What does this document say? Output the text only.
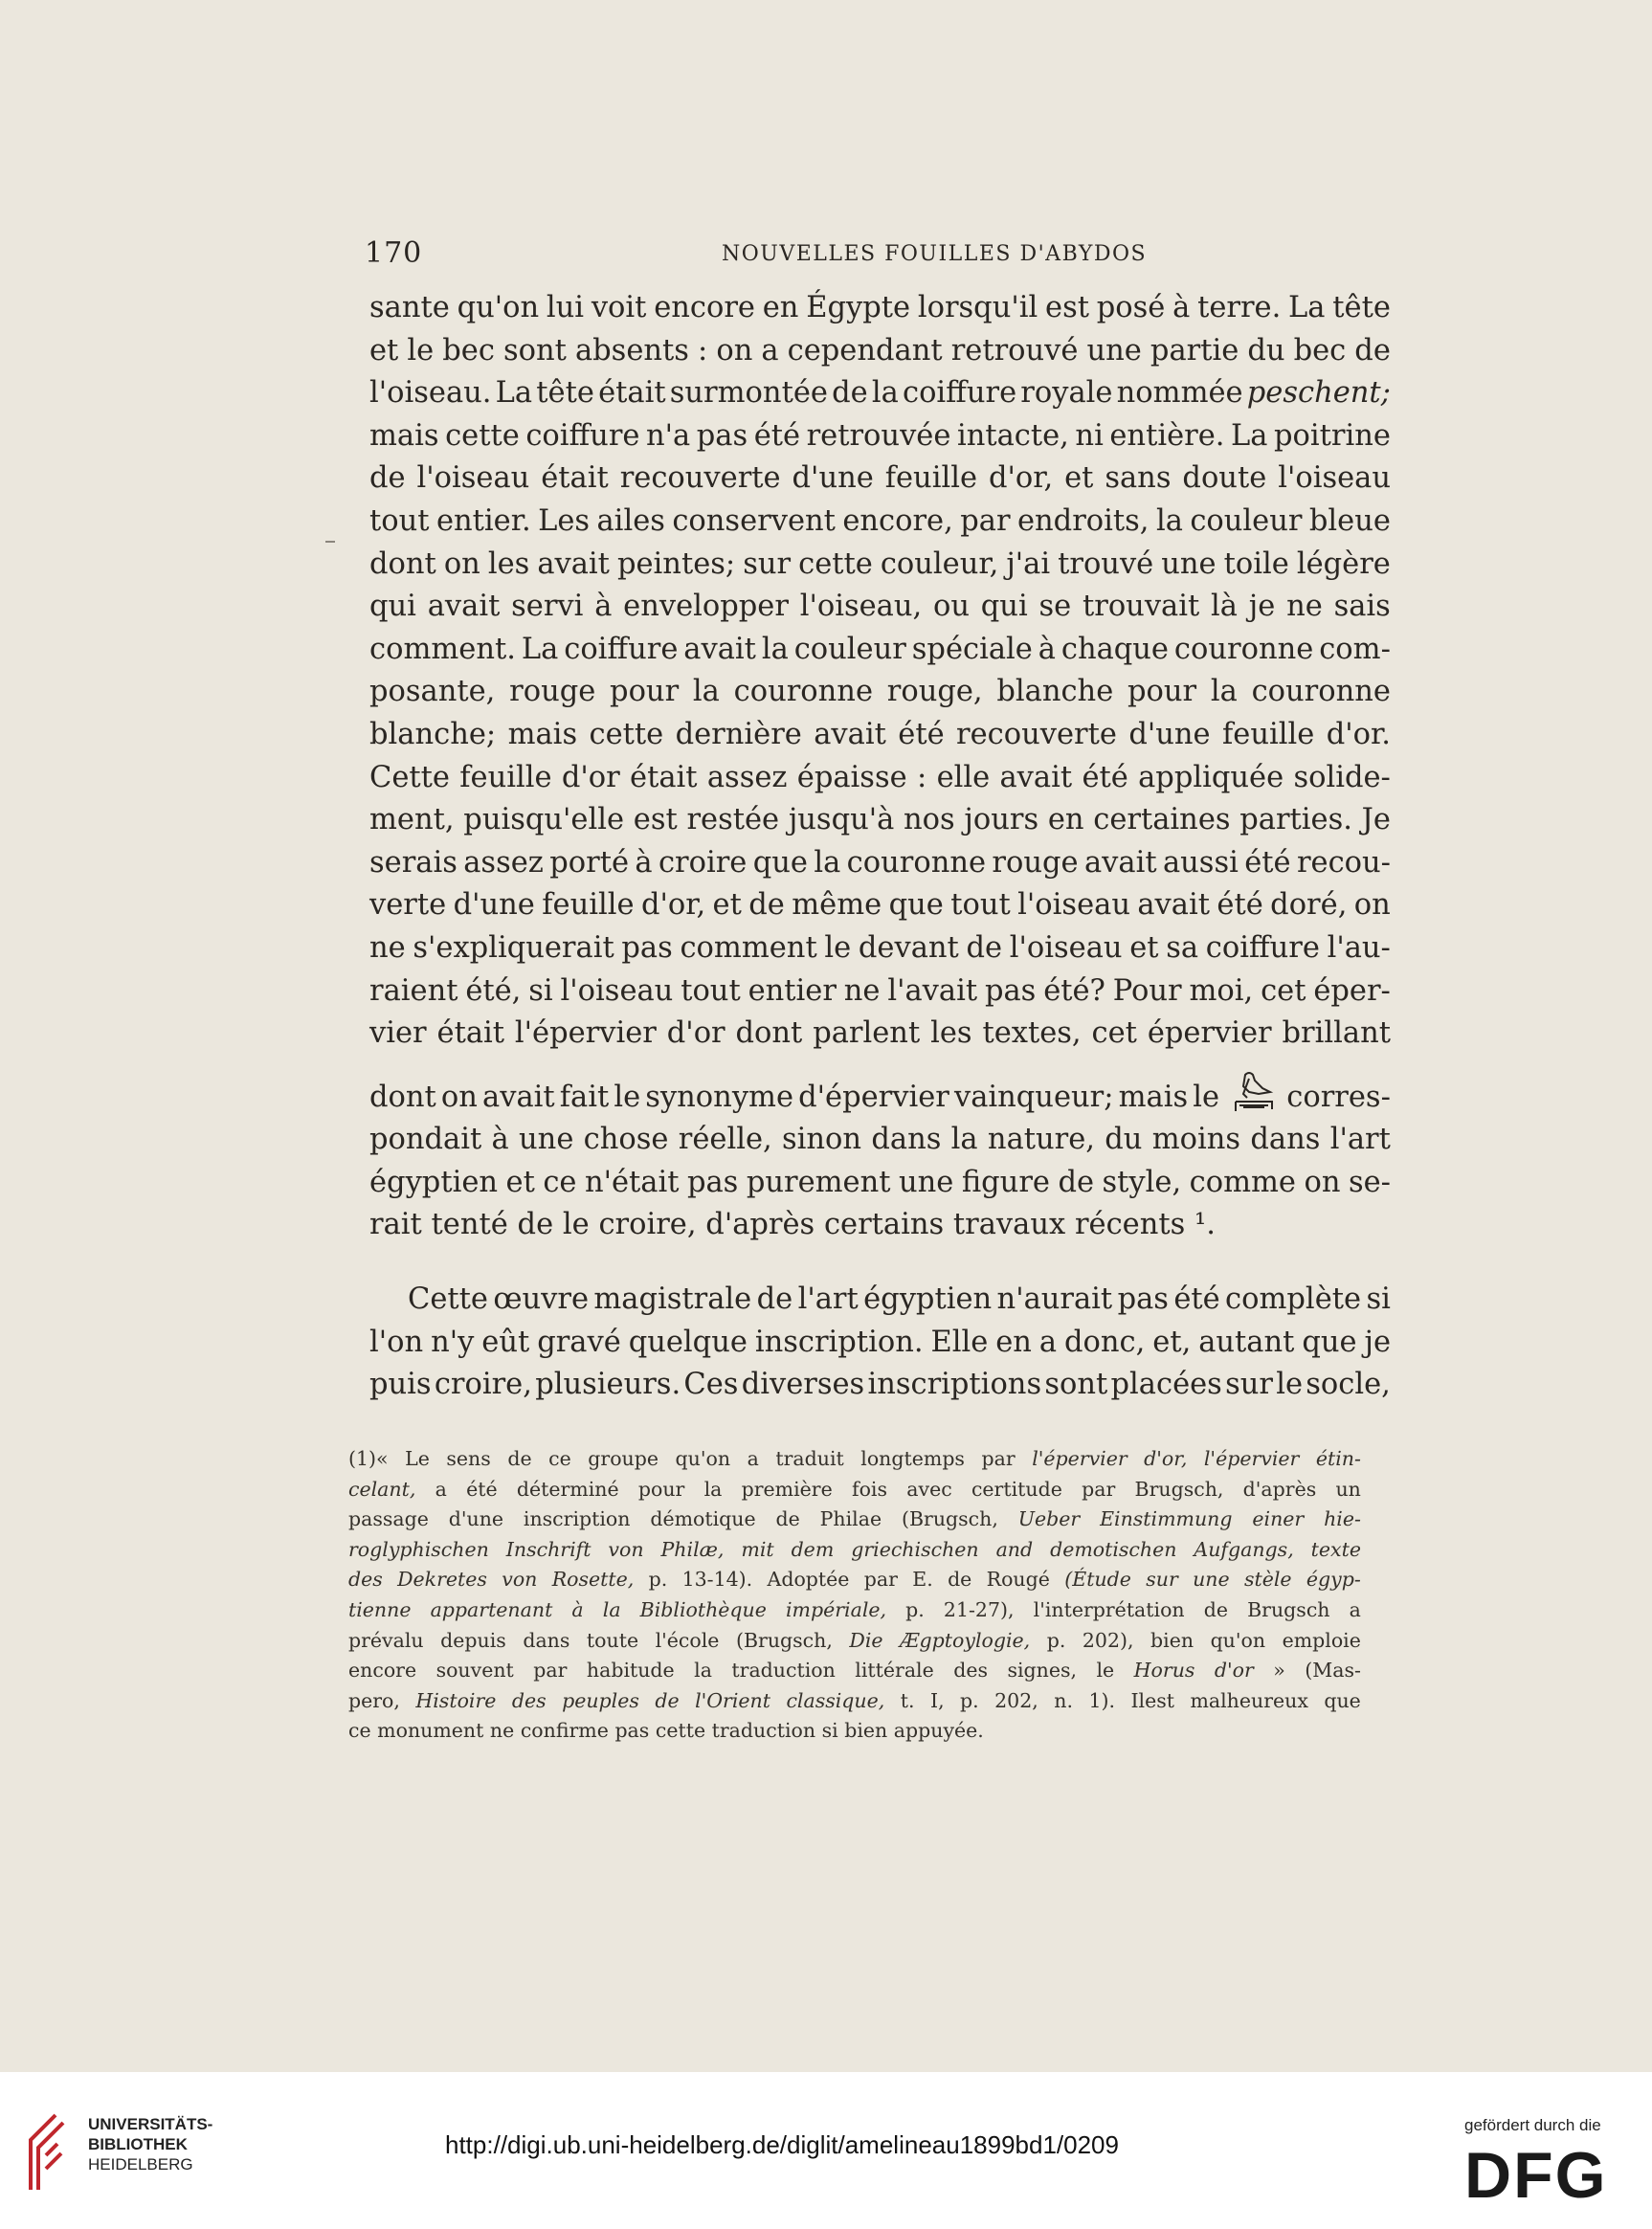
170	NOUVELLES FOUILLES D'ABYDOS
sante qu'on lui voit encore en Égypte lorsqu'il est posé à terre. La tête
et le bec sont absents : on a cependant retrouvé une partie du bec de
l'oiseau. La tête était surmontée de la coiffure royale nommée peschent;
mais cette coiffure n'a pas été retrouvée intacte, ni entière. La poitrine
de l'oiseau était recouverte d'une feuille d'or, et sans doute l'oiseau
tout entier. Les ailes conservent encore, par endroits, la couleur bleue
dont on les avait peintes; sur cette couleur, j'ai trouvé une toile légère
qui avait servi à envelopper l'oiseau, ou qui se trouvait là je ne sais
comment. La coiffure avait la couleur spéciale à chaque couronne com-
posante, rouge pour la couronne rouge, blanche pour la couronne
blanche; mais cette dernière avait été recouverte d'une feuille d'or.
Cette feuille d'or était assez épaisse : elle avait été appliquée solide-
ment, puisqu'elle est restée jusqu'à nos jours en certaines parties. Je
serais assez porté à croire que la couronne rouge avait aussi été recou-
verte d'une feuille d'or, et de même que tout l'oiseau avait été doré, on
ne s'expliquerait pas comment le devant de l'oiseau et sa coiffure l'au-
raient été, si l'oiseau tout entier ne l'avait pas été? Pour moi, cet éper-
vier était l'épervier d'or dont parlent les textes, cet épervier brillant
dont on avait fait le synonyme d'épervier vainqueur; mais le corres-
pondait à une chose réelle, sinon dans la nature, du moins dans l'art
égyptien et ce n'était pas purement une figure de style, comme on se-
rait tenté de le croire, d'après certains travaux récents ¹.
Cette œuvre magistrale de l'art égyptien n'aurait pas été complète si
l'on n'y eût gravé quelque inscription. Elle en a donc, et, autant que je
puis croire, plusieurs. Ces diverses inscriptions sont placées sur le socle,
(1)« Le sens de ce groupe qu'on a traduit longtemps par l'épervier d'or, l'épervier étin-
celant, a été déterminé pour la première fois avec certitude par Brugsch, d'après un
passage d'une inscription démotique de Philae (Brugsch, Ueber Einstimmung einer hie-
roglyphischen Inschrift von Philæ, mit dem griechischen and demotischen Aufgangs, texte
des Dekretes von Rosette, p. 13-14). Adoptée par E. de Rougé (Étude sur une stèle égyp-
tienne appartenant à la Bibliothèque impériale, p. 21-27), l'interprétation de Brugsch a
prévalu depuis dans toute l'école (Brugsch, Die Ægptoylogie, p. 202), bien qu'on emploie
encore souvent par habitude la traduction littérale des signes, le Horus d'or » (Mas-
pero, Histoire des peuples de l'Orient classique, t. I, p. 202, n. 1). Ilest malheureux que
ce monument ne confirme pas cette traduction si bien appuyée.
UNIVERSITÄTS-
BIBLIOTHEK
HEIDELBERG
http://digi.ub.uni-heidelberg.de/diglit/amelineau1899bd1/0209
gefördert durch die
DFG
